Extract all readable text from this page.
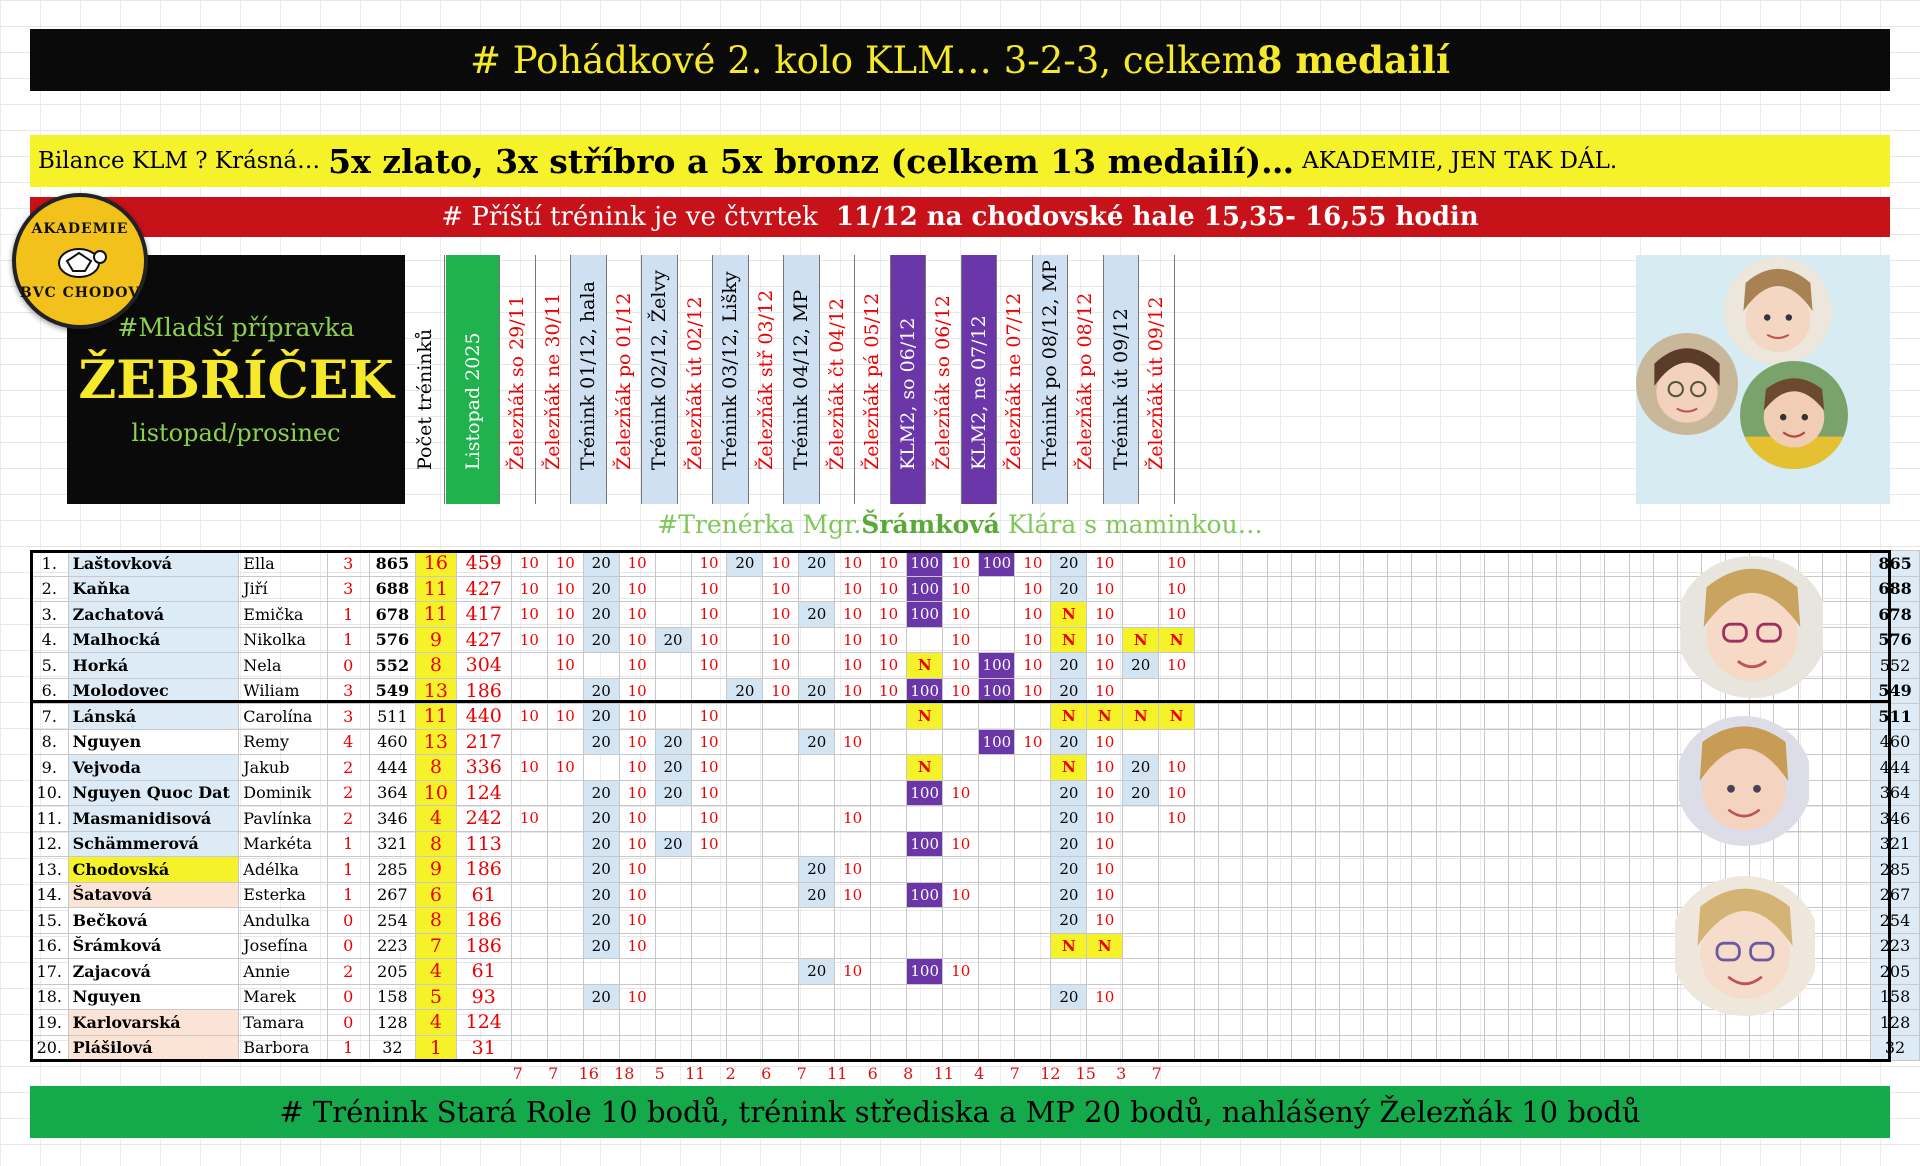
# Pohádkové 2. kolo KLM… 3-2-3, celkem 8 medailí
Bilance KLM ? Krásná… 5x zlato, 3x stříbro a 5x bronz (celkem 13 medailí)… AKADEMIE, JEN TAK DÁL.
# Příští trénink je ve čtvrtek 11/12 na chodovské hale 15,35- 16,55 hodin
#Mladší přípravka
ŽEBŘÍČEK
listopad/prosinec
AKADEMIE
BVC CHODOV
Počet tréninků Listopad 2025 Železňák so 29/11 Železňák ne 30/11 Trénink 01/12, hala Železňák po 01/12 Trénink 02/12, Želvy Železňák út 02/12 Trénink 03/12, Lišky Železňák stř 03/12 Trénink 04/12, MP Železňák čt 04/12 Železňák pá 05/12 KLM2, so 06/12 Železňák so 06/12 KLM2, ne 07/12 Železňák ne 07/12 Trénink po 08/12, MP Železňák po 08/12 Trénink út 09/12 Železňák út 09/12
#Trenérka Mgr.Šrámková Klára s maminkou…
1.	Laštovková	Ella	3	865	16	459	10	10	20	10		10	20	10	20	10	10	100	10	100	10	20	10		10																													865
2.	Kaňka	Jiří	3	688	11	427	10	10	20	10		10		10		10	10	100	10		10	20	10		10																													688
3.	Zachatová	Emička	1	678	11	417	10	10	20	10		10		10	20	10	10	100	10		10	N	10		10																													678
4.	Malhocká	Nikolka	1	576	9	427	10	10	20	10	20	10		10		10	10		10		10	N	10	N	N																													576
5.	Horká	Nela	0	552	8	304		10		10		10		10		10	10	N	10	100	10	20	10	20	10																													552
6.	Molodovec	Wiliam	3	549	13	186			20	10			20	10	20	10	10	100	10	100	10	20	10																															549
7.	Lánská	Carolína	3	511	11	440	10	10	20	10		10						N				N	N	N	N																													511
8.	Nguyen	Remy	4	460	13	217			20	10	20	10			20	10				100	10	20	10																															460
9.	Vejvoda	Jakub	2	444	8	336	10	10		10	20	10						N				N	10	20	10																													444
10.	Nguyen Quoc Dat	Dominik	2	364	10	124			20	10	20	10						100	10			20	10	20	10																													364
11.	Masmanidisová	Pavlínka	2	346	4	242	10		20	10		10				10						20	10		10																													346
12.	Schämmerová	Markéta	1	321	8	113			20	10	20	10						100	10			20	10																															321
13.	Chodovská	Adélka	1	285	9	186			20	10					20	10						20	10																															285
14.	Šatavová	Esterka	1	267	6	61			20	10					20	10		100	10			20	10																															267
15.	Bečková	Andulka	0	254	8	186			20	10												20	10																															254
16.	Šrámková	Josefína	0	223	7	186			20	10												N	N																															223
17.	Zajacová	Annie	2	205	4	61									20	10		100	10																																			205
18.	Nguyen	Marek	0	158	5	93			20	10												20	10																															158
19.	Karlovarská	Tamara	0	128	4	124																																																128
20.	Plášilová	Barbora	1	32	1	31																																																32
7	7	16 18	5	11	2	6	7	11	6	8	11	4	7	12 15	3	7
# Trénink Stará Role 10 bodů, trénink střediska a MP 20 bodů, nahlášený Železňák 10 bodů
